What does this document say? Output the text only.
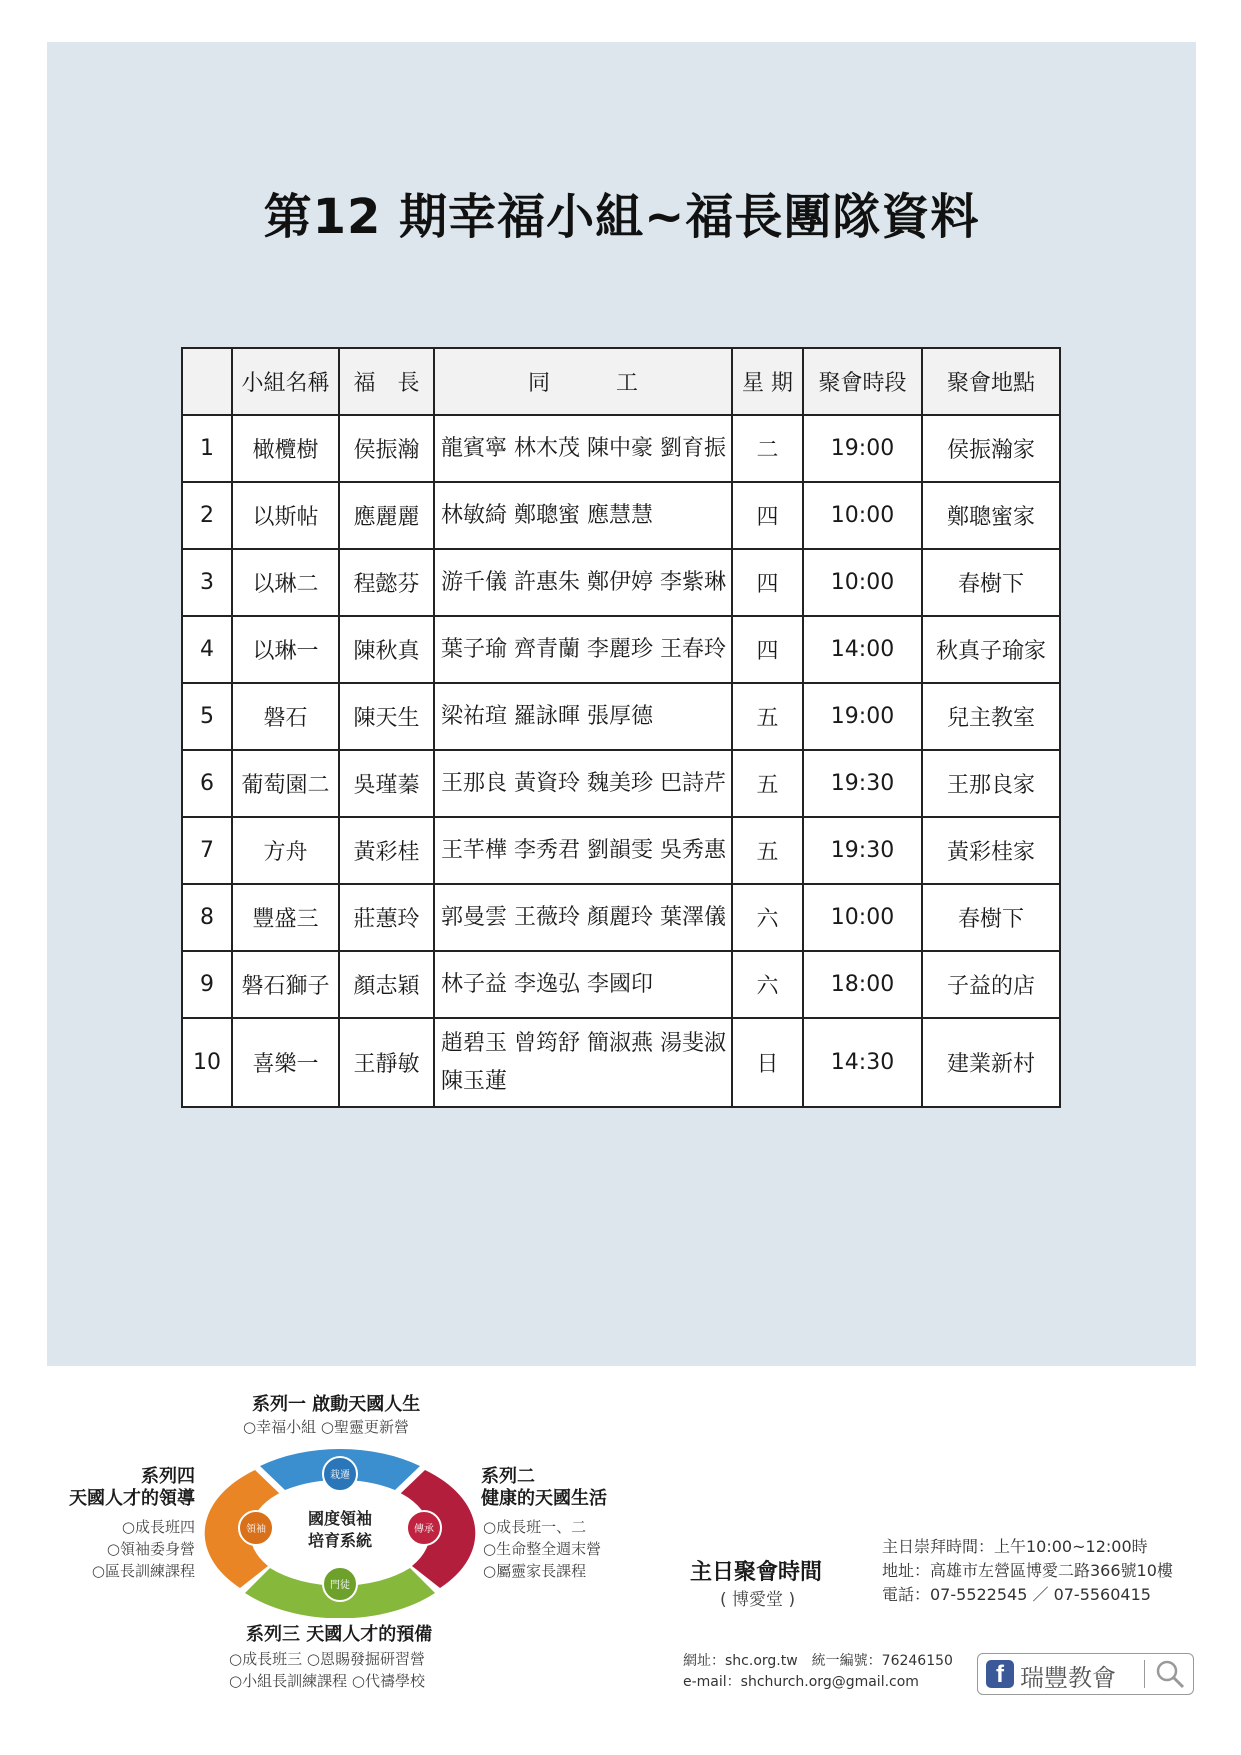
第12 期幸福小組~福長團隊資料
	小組名稱	福　長	同　　　工	星 期	聚會時段	聚會地點
1	橄欖樹	侯振瀚	龍賓寧 林木茂 陳中豪 劉育振	二	19:00	侯振瀚家
2	以斯帖	應麗麗	林敏綺 鄭聰蜜 應慧慧	四	10:00	鄭聰蜜家
3	以琳二	程懿芬	游千儀 許惠朱 鄭伊婷 李紫琳	四	10:00	春樹下
4	以琳一	陳秋真	葉子瑜 齊青蘭 李麗珍 王春玲	四	14:00	秋真子瑜家
5	磐石	陳天生	梁祐瑄 羅詠暉 張厚德	五	19:00	兒主教室
6	葡萄園二	吳瑾蓁	王那良 黃資玲 魏美珍 巴詩芹	五	19:30	王那良家
7	方舟	黃彩桂	王芊樺 李秀君 劉韻雯 吳秀惠	五	19:30	黃彩桂家
8	豐盛三	莊蕙玲	郭曼雲 王薇玲 顏麗玲 葉澤儀	六	10:00	春樹下
9	磐石獅子	顏志穎	林子益 李逸弘 李國印	六	18:00	子益的店
10	喜樂一	王靜敏	趙碧玉 曾筠舒 簡淑燕 湯斐淑 陳玉蓮	日	14:30	建業新村
栽遷
傳承
門徒
領袖
國度領袖
培育系統
系列一 啟動天國人生
○幸福小組 ○聖靈更新營
系列四
天國人才的領導
○成長班四
○領袖委身營
○區長訓練課程
系列二
健康的天國生活
○成長班一、二
○生命整全週末營
○屬靈家長課程
系列三 天國人才的預備
○成長班三 ○恩賜發掘研習營
○小組長訓練課程 ○代禱學校
主日聚會時間
( 博愛堂 )
主日崇拜時間：上午10:00~12:00時
地址：高雄市左營區博愛二路366號10樓
電話：07-5522545 ／ 07-5560415
網址：shc.org.tw　統一編號：76246150
e-mail：shchurch.org@gmail.com	f 瑞豐教會
